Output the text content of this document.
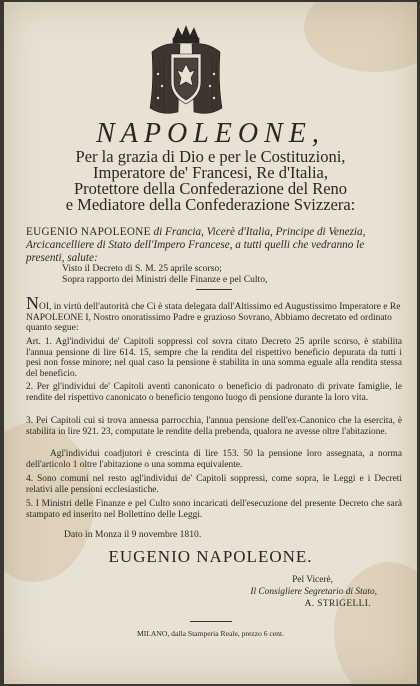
NAPOLEONE,
Per la grazia di Dio e per le Costituzioni,
Imperatore de' Francesi, Re d'Italia,
Protettore della Confederazione del Reno
e Mediatore della Confederazione Svizzera:
EUGENIO NAPOLEONE di Francia, Vicerè d'Italia, Principe di Venezia, Arcicancelliere di Stato dell'Impero Francese, a tutti quelli che vedranno le presenti, salute:
Visto il Decreto di S. M. 25 aprile scorso;
Sopra rapporto dei Ministri delle Finanze e pel Culto,
NOI, in virtù dell'autorità che Ci è stata delegata dall'Altissimo ed Augustissimo Imperatore e Re NAPOLEONE I, Nostro onoratissimo Padre e grazioso Sovrano, Abbiamo decretato ed ordinato quanto segue:
Art. 1. Agl'individui de' Capitoli soppressi col sovra citato Decreto 25 aprile scorso, è stabilita l'annua pensione di lire 614. 15, sempre che la rendita del rispettivo beneficio depurata da tutti i pesi non fosse minore; nel qual caso la pensione è stabilita in una somma eguale alla rendita stessa del beneficio.
2. Per gl'individui de' Capitoli aventi canonicato o beneficio di padronato di private famiglie, le rendite del rispettivo canonicato o beneficio tengono luogo di pensione durante la loro vita.
3. Pei Capitoli cui si trova annessa parrocchia, l'annua pensione dell'ex-Canonico che la esercita, è stabilita in lire 921. 23, computate le rendite della prebenda, qualora ne avesse oltre l'abitazione.
Agl'individui coadjutori è crescinta di lire 153. 50 la pensione loro assegnata, a norma dell'articolo 1 oltre l'abitazione o una somma equivalente.
4. Sono comuni nel resto agl'individui de' Capitoli soppressi, come sopra, le Leggi e i Decreti relativi alle pensioni ecclesiastiche.
5. I Ministri delle Finanze e pel Culto sono incaricati dell'esecuzione del presente Decreto che sarà stampato ed inserito nel Bollettino delle Leggi.
Dato in Monza il 9 novembre 1810.
EUGENIO NAPOLEONE.
Pel Vicerè,
Il Consigliere Segretario di Stato,
A. STRIGELLI.
MILANO, dalla Stamperia Reale, prezzo 6 cent.
